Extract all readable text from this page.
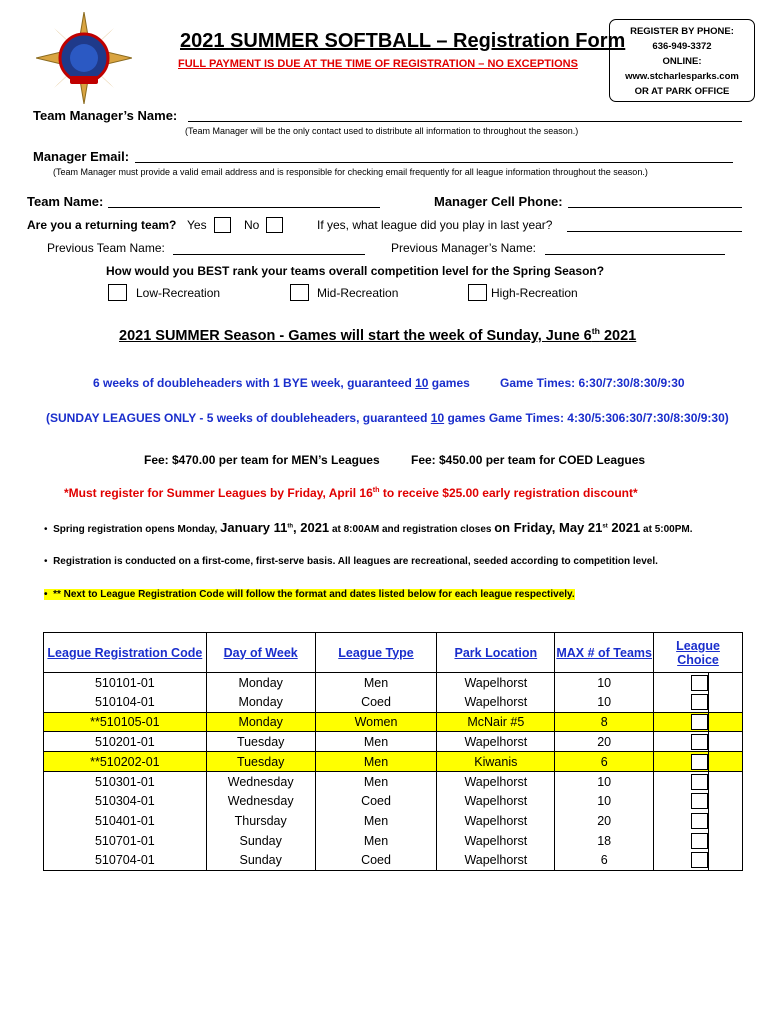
2021 SUMMER SOFTBALL – Registration Form
FULL PAYMENT IS DUE AT THE TIME OF REGISTRATION – NO EXCEPTIONS
REGISTER BY PHONE:
636-949-3372
ONLINE:
www.stcharlesparks.com
OR AT PARK OFFICE
Team Manager’s Name:
(Team Manager will be the only contact used to distribute all information to throughout the season.)
Manager Email:
(Team Manager must provide a valid email address and is responsible for checking email frequently for all league information throughout the season.)
Team Name:	Manager Cell Phone:
Are you a returning team? Yes	No	If yes, what league did you play in last year?
Previous Team Name:	Previous Manager’s Name:
How would you BEST rank your teams overall competition level for the Spring Season?
Low-Recreation	Mid-Recreation	High-Recreation
2021 SUMMER Season - Games will start the week of Sunday, June 6th 2021
6 weeks of doubleheaders with 1 BYE week, guaranteed 10 games	Game Times: 6:30/7:30/8:30/9:30
(SUNDAY LEAGUES ONLY - 5 weeks of doubleheaders, guaranteed 10 games Game Times: 4:30/5:306:30/7:30/8:30/9:30)
Fee: $470.00 per team for MEN’s Leagues	Fee: $450.00 per team for COED Leagues
*Must register for Summer Leagues by Friday, April 16th to receive $25.00 early registration discount*
•  Spring registration opens Monday, January 11th, 2021 at 8:00AM and registration closes on Friday, May 21st 2021 at 5:00PM.
•  Registration is conducted on a first-come, first-serve basis. All leagues are recreational, seeded according to competition level.
•  ** Next to League Registration Code will follow the format and dates listed below for each league respectively.
League Registration Code	Day of Week	League Type	Park Location	MAX # of Teams	League Choice	
510101-01	Monday	Men	Wapelhorst	10		
510104-01	Monday	Coed	Wapelhorst	10		
**510105-01	Monday	Women	McNair #5	8		
510201-01	Tuesday	Men	Wapelhorst	20		
**510202-01	Tuesday	Men	Kiwanis	6		
510301-01	Wednesday	Men	Wapelhorst	10		
510304-01	Wednesday	Coed	Wapelhorst	10		
510401-01	Thursday	Men	Wapelhorst	20		
510701-01	Sunday	Men	Wapelhorst	18		
510704-01	Sunday	Coed	Wapelhorst	6		
